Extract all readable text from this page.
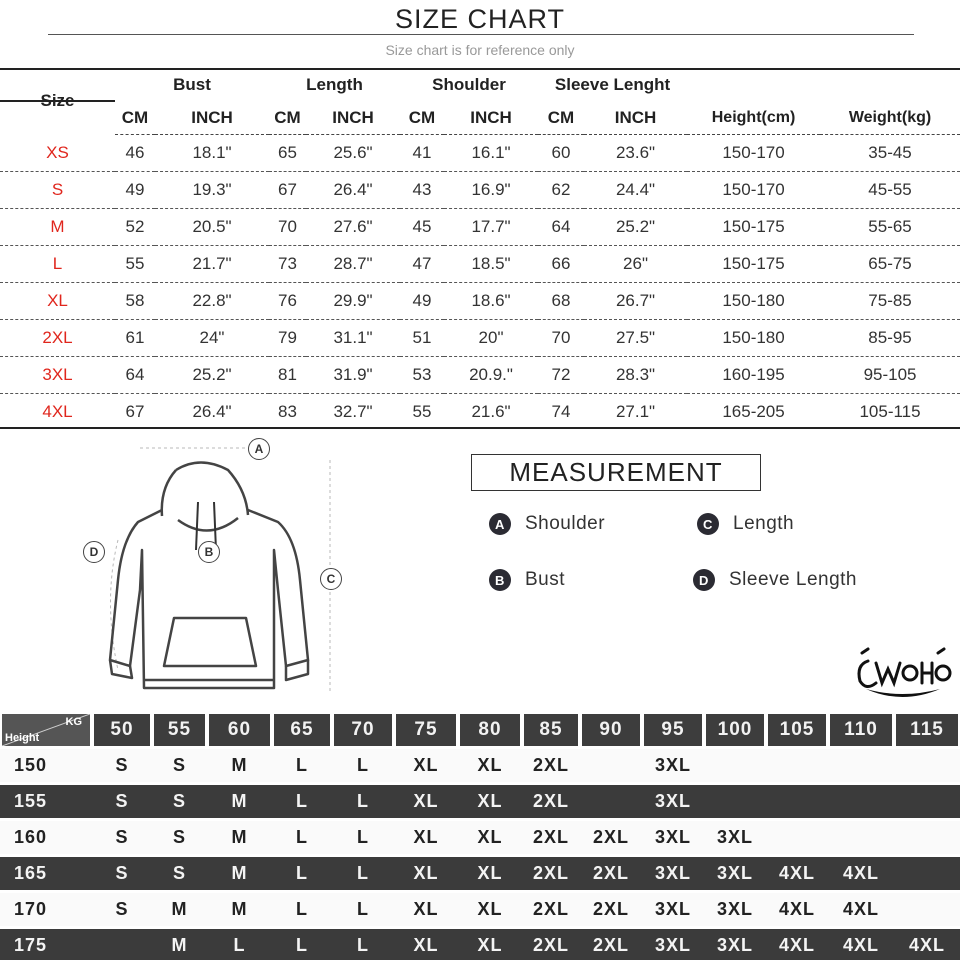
SIZE CHART
Size chart is for reference only
Size	Bust		Length		Shoulder		Sleeve Lenght			
	CM	INCH	CM	INCH	CM	INCH	CM	INCH	Height(cm)	Weight(kg)
XS	46	18.1"	65	25.6"	41	16.1"	60	23.6"	150-170	35-45
S	49	19.3"	67	26.4"	43	16.9"	62	24.4"	150-170	45-55
M	52	20.5"	70	27.6"	45	17.7"	64	25.2"	150-175	55-65
L	55	21.7"	73	28.7"	47	18.5"	66	26"	150-175	65-75
XL	58	22.8"	76	29.9"	49	18.6"	68	26.7"	150-180	75-85
2XL	61	24"	79	31.1"	51	20"	70	27.5"	150-180	85-95
3XL	64	25.2"	81	31.9"	53	20.9."	72	28.3"	160-195	95-105
4XL	67	26.4"	83	32.7"	55	21.6"	74	27.1"	165-205	105-115
A
B
C
D
MEASUREMENT
A	Shoulder	C	Length
B	Bust	D	Sleeve Length
KG
Height	50	55	60	65	70	75	80	85	90	95	100	105	110	115

150	S	S	M	L	L	XL	XL	2XL		3XL				
155	S	S	M	L	L	XL	XL	2XL		3XL				
160	S	S	M	L	L	XL	XL	2XL	2XL	3XL	3XL			
165	S	S	M	L	L	XL	XL	2XL	2XL	3XL	3XL	4XL	4XL	
170	S	M	M	L	L	XL	XL	2XL	2XL	3XL	3XL	4XL	4XL	
175		M	L	L	L	XL	XL	2XL	2XL	3XL	3XL	4XL	4XL	4XL
